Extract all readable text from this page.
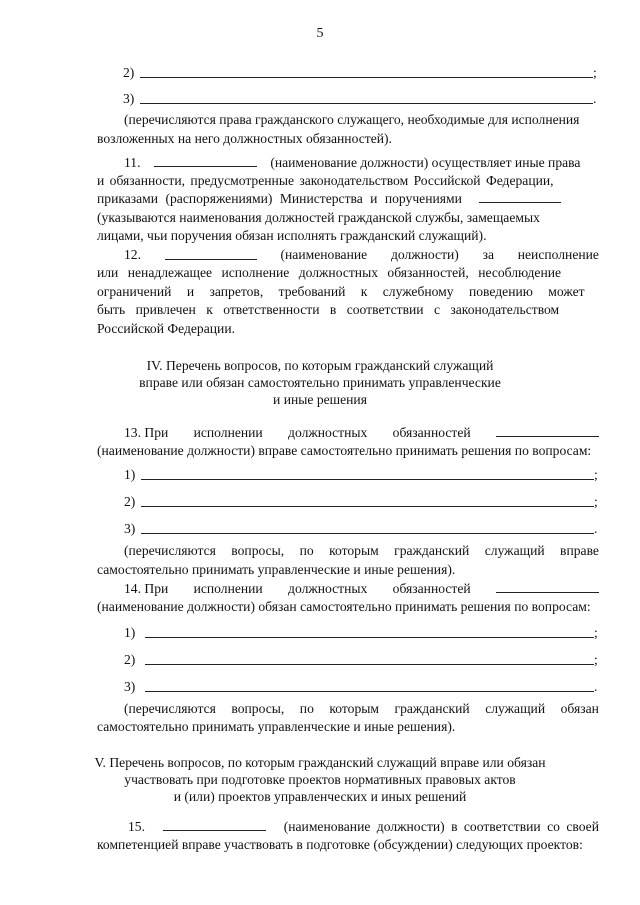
5
2)	;
3)	.
(перечисляются права гражданского служащего, необходимые для исполнения
возложенных на него должностных обязанностей).
11.	(наименование должности) осуществляет иные права
и обязанности, предусмотренные законодательством Российской Федерации,
приказами (распоряжениями) Министерства и поручениями
(указываются наименования должностей гражданской службы, замещаемых
лицами, чьи поручения обязан исполнять гражданский служащий).
12.	(наименование должности) за неисполнение
или ненадлежащее исполнение должностных обязанностей, несоблюдение
ограничений и запретов, требований к служебному поведению может
быть привлечен к ответственности в соответствии с законодательством
Российской Федерации.
IV. Перечень вопросов, по которым гражданский служащий
вправе или обязан самостоятельно принимать управленческие
и иные решения
13. При исполнении должностных обязанностей
(наименование должности) вправе самостоятельно принимать решения по вопросам:
1)	;
2)	;
3)	.
(перечисляются вопросы, по которым гражданский служащий вправе
самостоятельно принимать управленческие и иные решения).
14. При исполнении должностных обязанностей
(наименование должности) обязан самостоятельно принимать решения по вопросам:
1)	;
2)	;
3)	.
(перечисляются вопросы, по которым гражданский служащий обязан
самостоятельно принимать управленческие и иные решения).
V. Перечень вопросов, по которым гражданский служащий вправе или обязан
участвовать при подготовке проектов нормативных правовых актов
и (или) проектов управленческих и иных решений
15.	(наименование должности) в соответствии со своей
компетенцией вправе участвовать в подготовке (обсуждении) следующих проектов:
